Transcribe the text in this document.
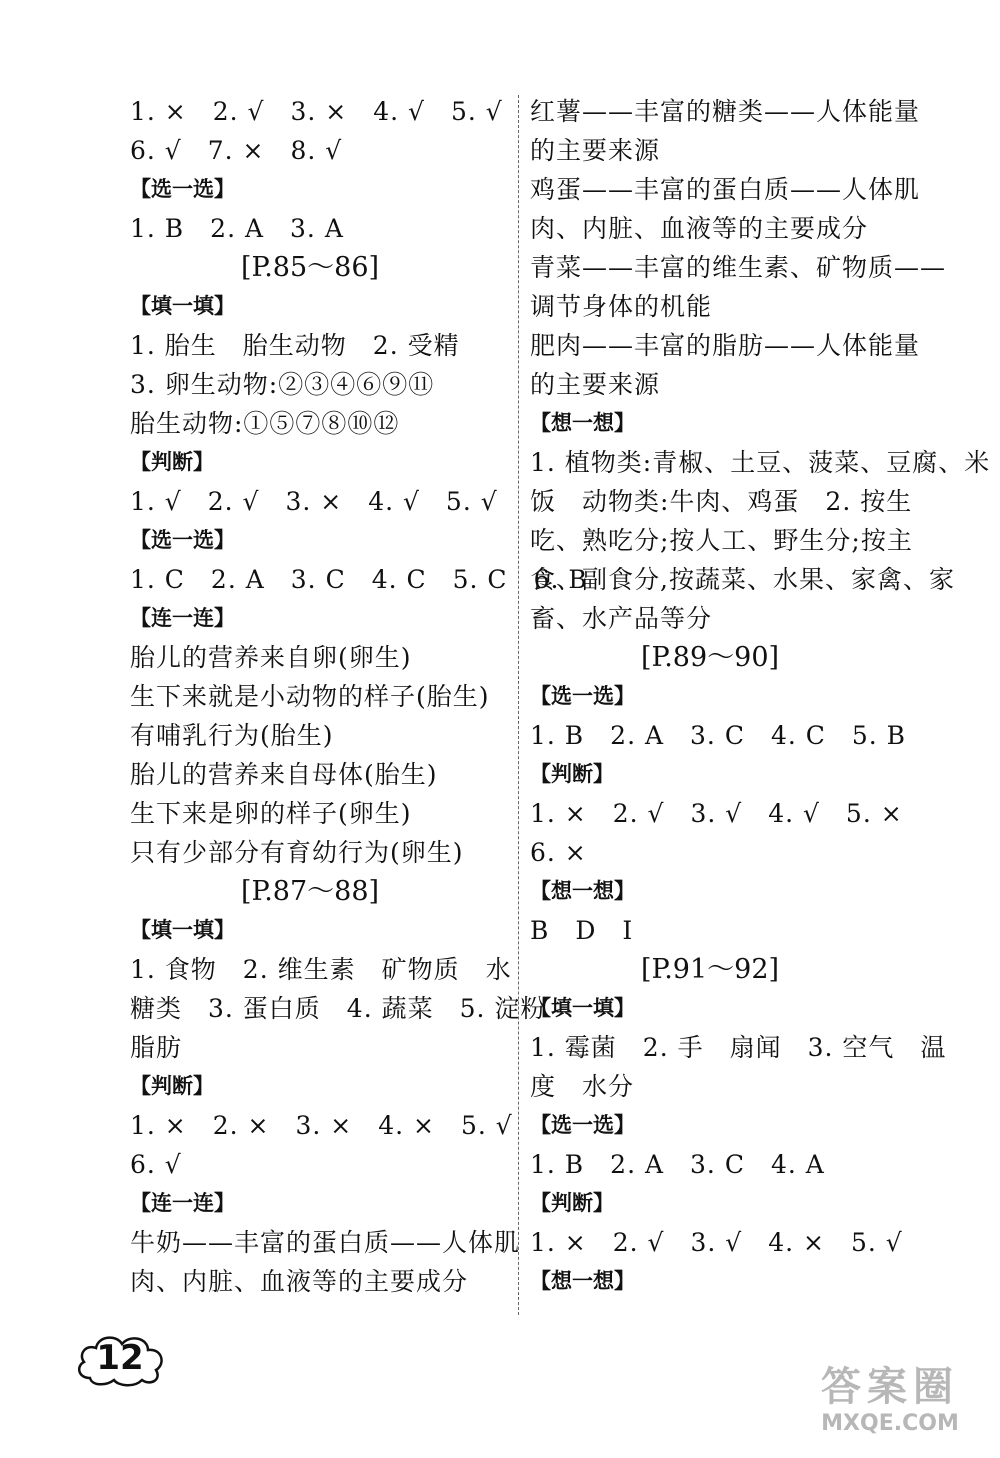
1. ×　2. √　3. ×　4. √　5. √
6. √　7. ×　8. √
【选一选】
1. B　2. A　3. A
[P.85～86]
【填一填】
1. 胎生　胎生动物　2. 受精
3. 卵生动物:②③④⑥⑨⑪
胎生动物:①⑤⑦⑧⑩⑫
【判断】
1. √　2. √　3. ×　4. √　5. √
【选一选】
1. C　2. A　3. C　4. C　5. C　6. B
【连一连】
胎儿的营养来自卵(卵生)
生下来就是小动物的样子(胎生)
有哺乳行为(胎生)
胎儿的营养来自母体(胎生)
生下来是卵的样子(卵生)
只有少部分有育幼行为(卵生)
[P.87～88]
【填一填】
1. 食物　2. 维生素　矿物质　水
糖类　3. 蛋白质　4. 蔬菜　5. 淀粉
脂肪
【判断】
1. ×　2. ×　3. ×　4. ×　5. √
6. √
【连一连】
牛奶——丰富的蛋白质——人体肌
肉、内脏、血液等的主要成分
红薯——丰富的糖类——人体能量
的主要来源
鸡蛋——丰富的蛋白质——人体肌
肉、内脏、血液等的主要成分
青菜——丰富的维生素、矿物质——
调节身体的机能
肥肉——丰富的脂肪——人体能量
的主要来源
【想一想】
1. 植物类:青椒、土豆、菠菜、豆腐、米
饭　动物类:牛肉、鸡蛋　2. 按生
吃、熟吃分;按人工、野生分;按主
食、副食分,按蔬菜、水果、家禽、家
畜、水产品等分
[P.89～90]
【选一选】
1. B　2. A　3. C　4. C　5. B
【判断】
1. ×　2. √　3. √　4. √　5. ×
6. ×
【想一想】
B　D　I
[P.91～92]
【填一填】
1. 霉菌　2. 手　扇闻　3. 空气　温
度　水分
【选一选】
1. B　2. A　3. C　4. A
【判断】
1. ×　2. √　3. √　4. ×　5. √
【想一想】
12
答案圈
MXQE.COM
